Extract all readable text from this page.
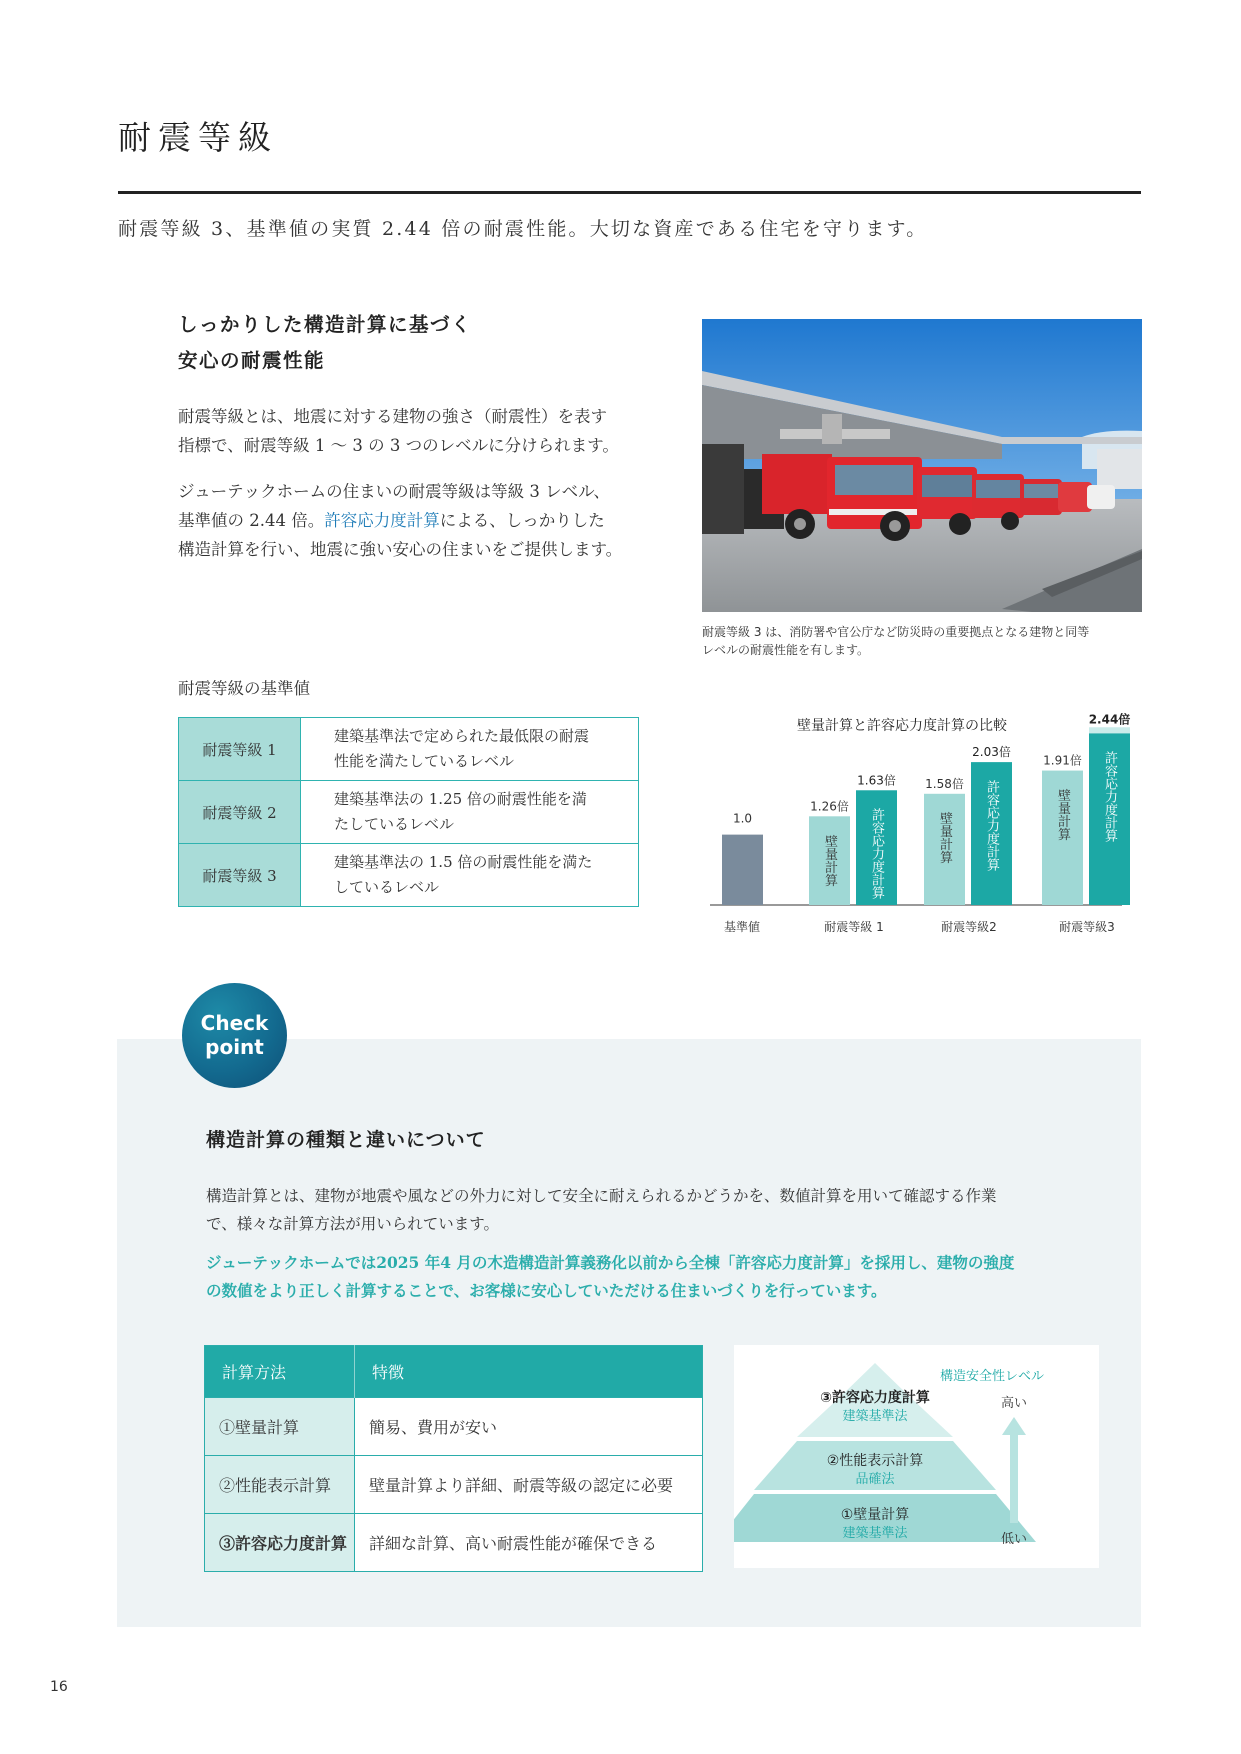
耐震等級

耐震等級 3、基準値の実質 2.44 倍の耐震性能。大切な資産である住宅を守ります。

しっかりした構造計算に基づく
安心の耐震性能

耐震等級とは、地震に対する建物の強さ（耐震性）を表す
指標で、耐震等級 1 〜 3 の 3 つのレベルに分けられます。

ジューテックホームの住まいの耐震等級は等級 3 レベル、
基準値の 2.44 倍。許容応力度計算による、しっかりした
構造計算を行い、地震に強い安心の住まいをご提供します。

耐震等級 3 は、消防署や官公庁など防災時の重要拠点となる建物と同等
レベルの耐震性能を有します。

耐震等級の基準値

耐震等級 1	建築基準法で定められた最低限の耐震
性能を満たしているレベル
耐震等級 2	建築基準法の 1.25 倍の耐震性能を満
たしているレベル
耐震等級 3	建築基準法の 1.5 倍の耐震性能を満た
しているレベル
壁量計算と許容応力度計算の比較
1.0
1.26倍
1.63倍
壁量計算 許容応力度計算
1.58倍
2.03倍
壁量計算 許容応力度計算
1.91倍
2.44倍
壁量計算 許容応力度計算
基準値	耐震等級 1	耐震等級2	耐震等級3
Check
point
構造計算の種類と違いについて

構造計算とは、建物が地震や風などの外力に対して安全に耐えられるかどうかを、数値計算を用いて確認する作業
で、様々な計算方法が用いられています。

ジューテックホームでは2025 年4 月の木造構造計算義務化以前から全棟「許容応力度計算」を採用し、建物の強度
の数値をより正しく計算することで、お客様に安心していただける住まいづくりを行っています。

計算方法	特徴
①壁量計算	簡易、費用が安い
②性能表示計算	壁量計算より詳細、耐震等級の認定に必要
③許容応力度計算	詳細な計算、高い耐震性能が確保できる
③許容応力度計算
建築基準法
②性能表示計算
品確法
①壁量計算
建築基準法
構造安全性レベル
高い
低い

16
